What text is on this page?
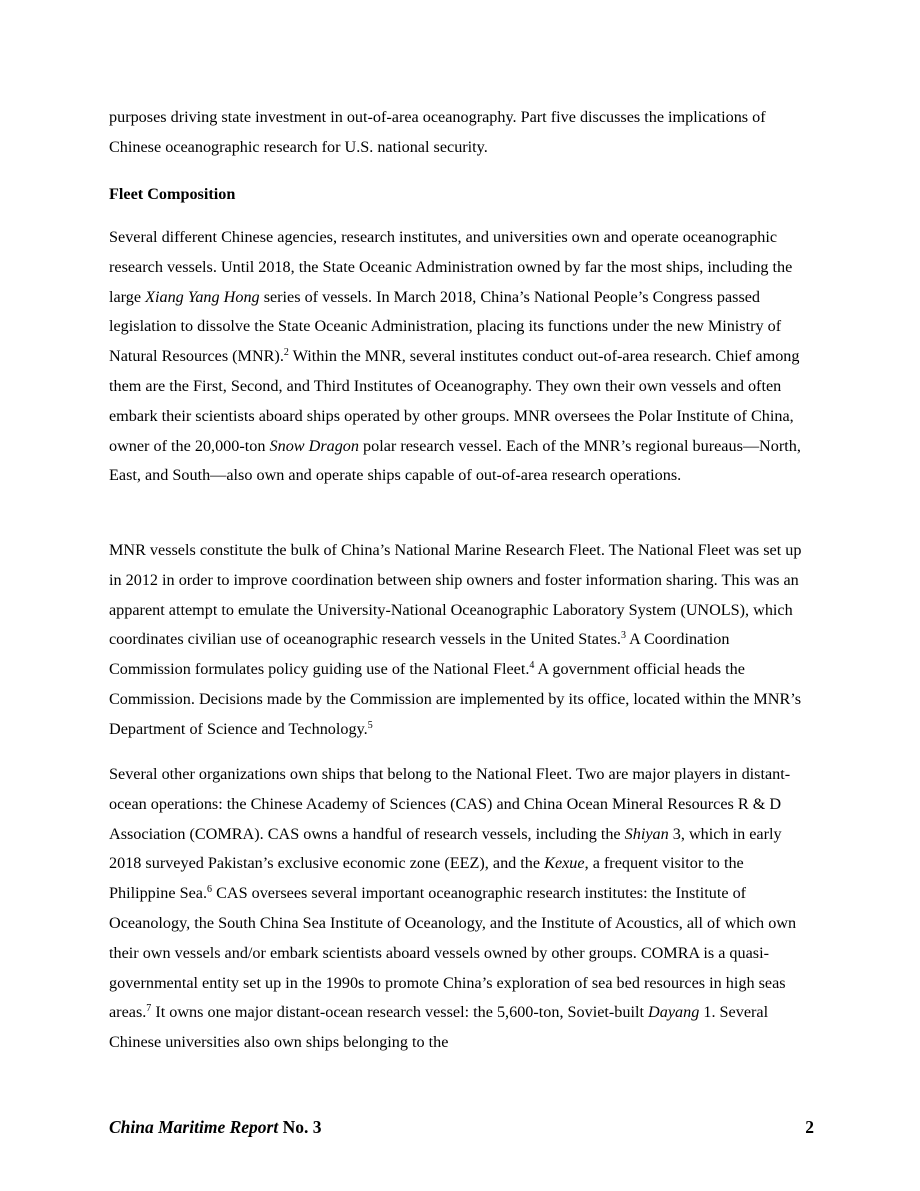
purposes driving state investment in out-of-area oceanography. Part five discusses the implications of
Chinese oceanographic research for U.S. national security.

Fleet Composition

Several different Chinese agencies, research institutes, and universities own and operate oceanographic research vessels. Until 2018, the State Oceanic Administration owned by far the most ships, including the large Xiang Yang Hong series of vessels. In March 2018, China’s National People’s Congress passed legislation to dissolve the State Oceanic Administration, placing its functions under the new Ministry of Natural Resources (MNR).$^2$ Within the MNR, several institutes conduct out-of-area research. Chief among them are the First, Second, and Third Institutes of Oceanography. They own their own vessels and often embark their scientists aboard ships operated by other groups. MNR oversees the Polar Institute of China, owner of the 20,000-ton Snow Dragon polar research vessel. Each of the MNR’s regional bureaus—North, East, and South—also own and operate ships capable of out-of-area research operations.

MNR vessels constitute the bulk of China’s National Marine Research Fleet. The National Fleet was set up in 2012 in order to improve coordination between ship owners and foster information sharing. This was an apparent attempt to emulate the University-National Oceanographic Laboratory System (UNOLS), which coordinates civilian use of oceanographic research vessels in the United States.$^3$ A Coordination Commission formulates policy guiding use of the National Fleet.$^4$ A government official heads the Commission. Decisions made by the Commission are implemented by its office, located within the MNR’s Department of Science and Technology.$^5$

Several other organizations own ships that belong to the National Fleet. Two are major players in distant-ocean operations: the Chinese Academy of Sciences (CAS) and China Ocean Mineral Resources R & D Association (COMRA). CAS owns a handful of research vessels, including the Shiyan 3, which in early 2018 surveyed Pakistan’s exclusive economic zone (EEZ), and the Kexue, a frequent visitor to the Philippine Sea.$^6$ CAS oversees several important oceanographic research institutes: the Institute of Oceanology, the South China Sea Institute of Oceanology, and the Institute of Acoustics, all of which own their own vessels and/or embark scientists aboard vessels owned by other groups. COMRA is a quasi-governmental entity set up in the 1990s to promote China’s exploration of sea bed resources in high seas areas.$^7$ It owns one major distant-ocean research vessel: the 5,600-ton, Soviet-built Dayang 1. Several Chinese universities also own ships belonging to the

China Maritime Report No. 3	2
